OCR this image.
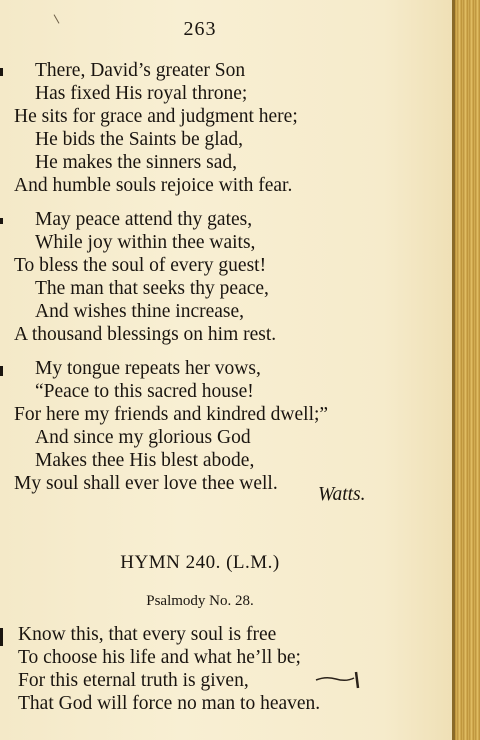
263
There, David’s greater Son
Has fixed His royal throne;
He sits for grace and judgment here;
He bids the Saints be glad,
He makes the sinners sad,
And humble souls rejoice with fear.
May peace attend thy gates,
While joy within thee waits,
To bless the soul of every guest!
The man that seeks thy peace,
And wishes thine increase,
A thousand blessings on him rest.
My tongue repeats her vows,
“Peace to this sacred house!
For here my friends and kindred dwell;”
And since my glorious God
Makes thee His blest abode,
My soul shall ever love thee well.
Watts.
HYMN 240. (L.M.)
Psalmody No. 28.
Know this, that every soul is free
To choose his life and what he’ll be;
For this eternal truth is given,
That God will force no man to heaven.
